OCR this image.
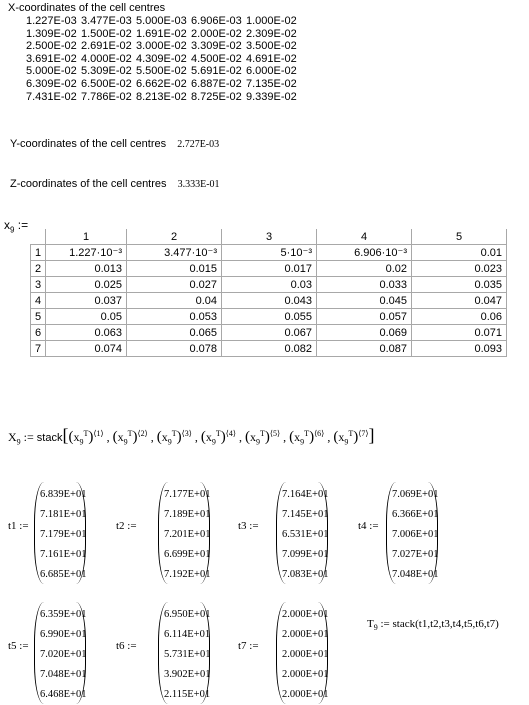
X-coordinates of the cell centres
1.227E-03 3.477E-03 5.000E-03 6.906E-03 1.000E-02
1.309E-02 1.500E-02 1.691E-02 2.000E-02 2.309E-02
2.500E-02 2.691E-02 3.000E-02 3.309E-02 3.500E-02
3.691E-02 4.000E-02 4.309E-02 4.500E-02 4.691E-02
5.000E-02 5.309E-02 5.500E-02 5.691E-02 6.000E-02
6.309E-02 6.500E-02 6.662E-02 6.887E-02 7.135E-02
7.431E-02 7.786E-02 8.213E-02 8.725E-02 9.339E-02
Y-coordinates of the cell centres 2.727E-03
Z-coordinates of the cell centres 3.333E-01
$x_9$ :=
	1	2	3	4	5
1	1.227·10⁻³	3.477·10⁻³	5·10⁻³	6.906·10⁻³	0.01
2	0.013	0.015	0.017	0.02	0.023
3	0.025	0.027	0.03	0.033	0.035
4	0.037	0.04	0.043	0.045	0.047
5	0.05	0.053	0.055	0.057	0.06
6	0.063	0.065	0.067	0.069	0.071
7	0.074	0.078	0.082	0.087	0.093
$X_9$ := $stack[(x_9^T)^{⟨1⟩}$ , $(x_9^T)^{⟨2⟩}$ , $(x_9^T)^{⟨3⟩}$ , $(x_9^T)^{⟨4⟩}$ , $(x_9^T)^{⟨5⟩}$ , $(x_9^T)^{⟨6⟩}$ , $(x_9^T)^{⟨7⟩}$]
t1 :=
6.839E+01
7.181E+01
7.179E+01
7.161E+01
6.685E+01
t2 :=
7.177E+01
7.189E+01
7.201E+01
6.699E+01
7.192E+01
t3 :=
7.164E+01
7.145E+01
6.531E+01
7.099E+01
7.083E+01
t4 :=
7.069E+01
6.366E+01
7.006E+01
7.027E+01
7.048E+01
t5 :=
6.359E+01
6.990E+01
7.020E+01
7.048E+01
6.468E+01
t6 :=
6.950E+01
6.114E+01
5.731E+01
3.902E+01
2.115E+01
t7 :=
2.000E+01
2.000E+01
2.000E+01
2.000E+01
2.000E+01
$T_9$ := stack(t1,t2,t3,t4,t5,t6,t7)
